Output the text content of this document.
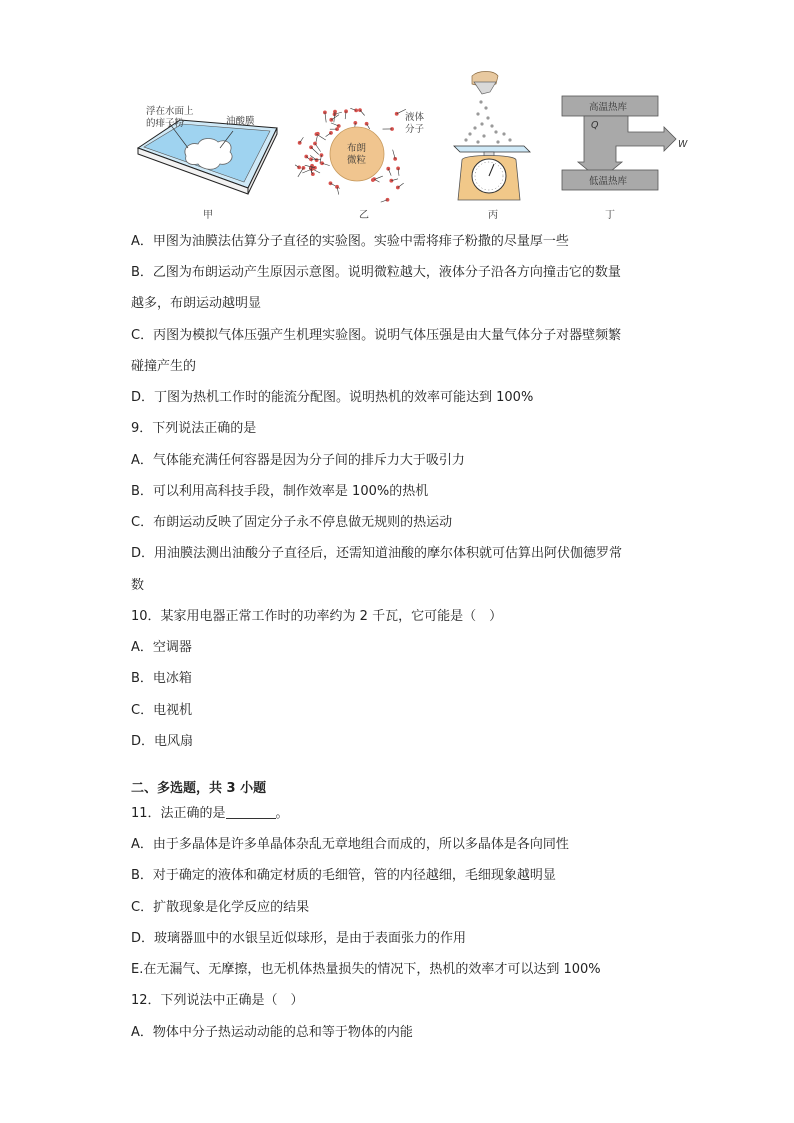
浮在水面上
的痱子粉	油酸膜
甲
布朗
微粒
液体
分子
乙	丙
高温热库
低温热库
Q
W
丁
A．甲图为油膜法估算分子直径的实验图。实验中需将痱子粉撒的尽量厚一些
B．乙图为布朗运动产生原因示意图。说明微粒越大，液体分子沿各方向撞击它的数量
越多，布朗运动越明显
C．丙图为模拟气体压强产生机理实验图。说明气体压强是由大量气体分子对器壁频繁
碰撞产生的
D．丁图为热机工作时的能流分配图。说明热机的效率可能达到 100%
9．下列说法正确的是
A．气体能充满任何容器是因为分子间的排斥力大于吸引力
B．可以利用高科技手段，制作效率是 100%的热机
C．布朗运动反映了固定分子永不停息做无规则的热运动
D．用油膜法测出油酸分子直径后，还需知道油酸的摩尔体积就可估算出阿伏伽德罗常
数
10．某家用电器正常工作时的功率约为 2 千瓦，它可能是（　）
A．空调器
B．电冰箱
C．电视机
D．电风扇
二、多选题，共 3 小题
11．法正确的是	。
A．由于多晶体是许多单晶体杂乱无章地组合而成的，所以多晶体是各向同性
B．对于确定的液体和确定材质的毛细管，管的内径越细，毛细现象越明显
C．扩散现象是化学反应的结果
D．玻璃器皿中的水银呈近似球形，是由于表面张力的作用
E.在无漏气、无摩擦，也无机体热量损失的情况下，热机的效率才可以达到 100%
12．下列说法中正确是（　）
A．物体中分子热运动动能的总和等于物体的内能
